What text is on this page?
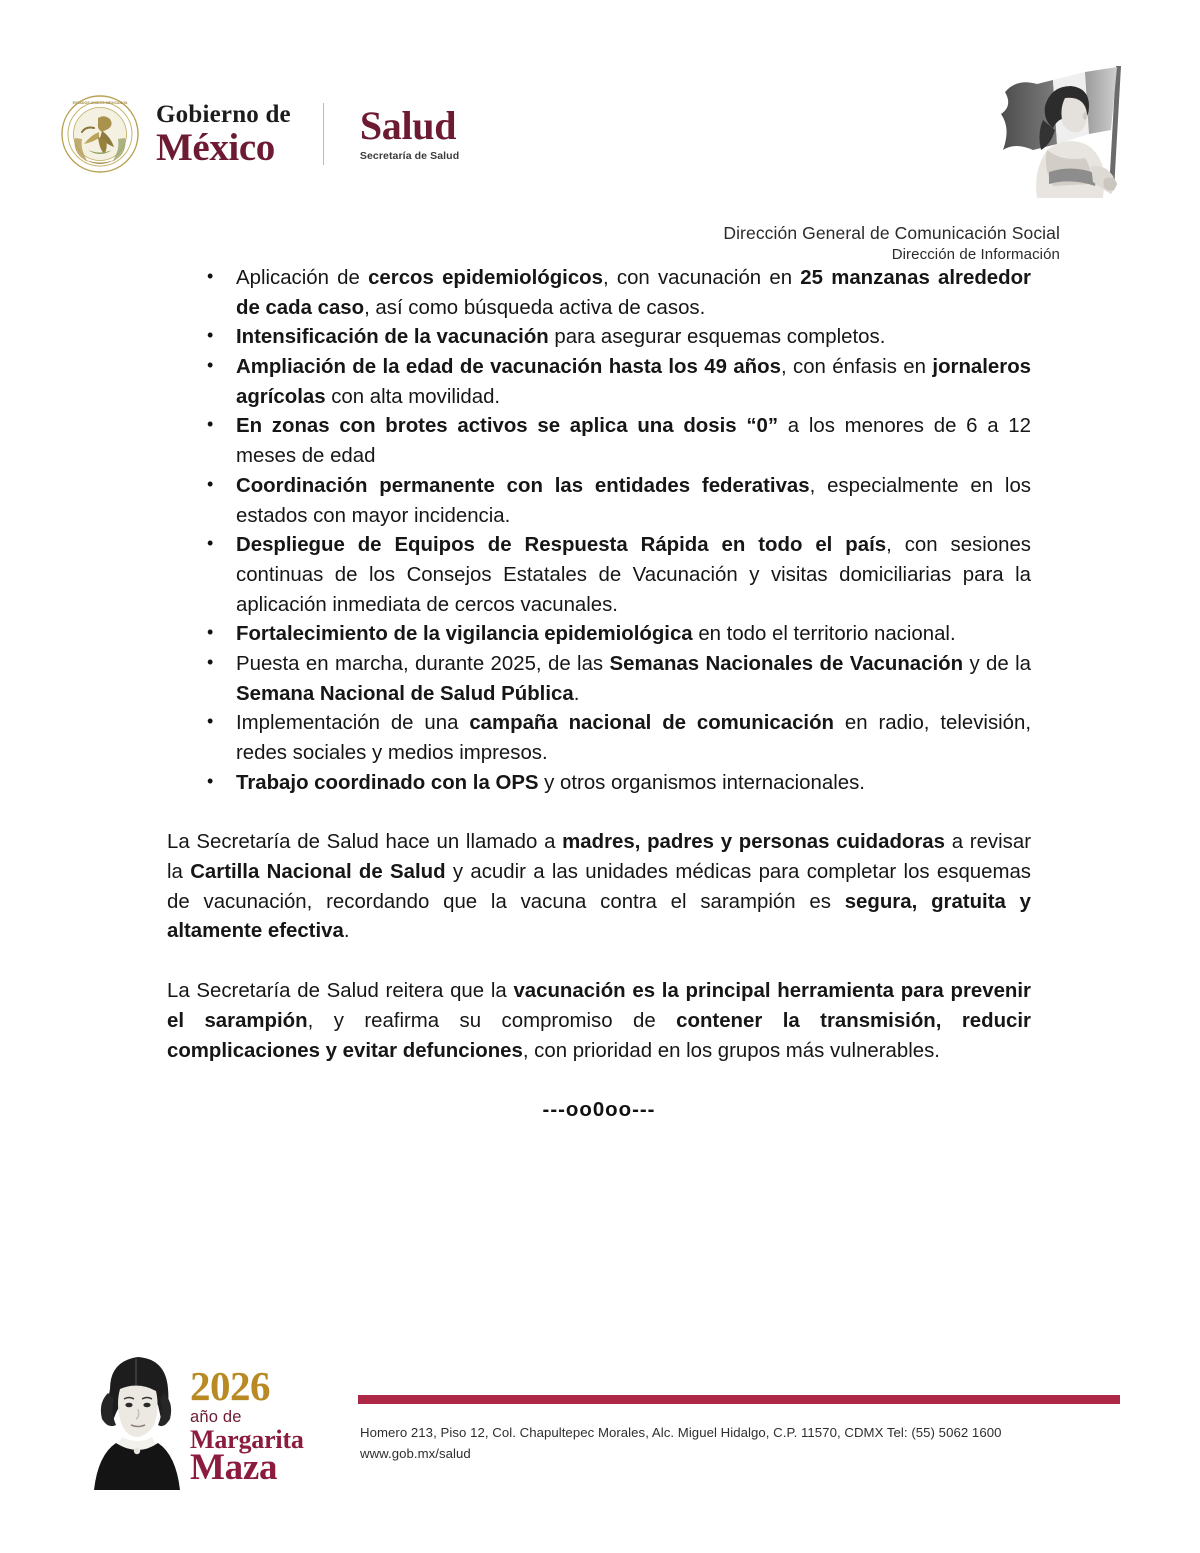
ESTADOS UNIDOS MEXICANOS Gobierno de
México	Salud
Secretaría de Salud
Dirección General de Comunicación Social
Dirección de Información
• Aplicación de cercos epidemiológicos, con vacunación en 25 manzanas alrededor de cada caso, así como búsqueda activa de casos.
• Intensificación de la vacunación para asegurar esquemas completos.
• Ampliación de la edad de vacunación hasta los 49 años, con énfasis en jornaleros agrícolas con alta movilidad.
• En zonas con brotes activos se aplica una dosis “0” a los menores de 6 a 12 meses de edad
• Coordinación permanente con las entidades federativas, especialmente en los estados con mayor incidencia.
• Despliegue de Equipos de Respuesta Rápida en todo el país, con sesiones continuas de los Consejos Estatales de Vacunación y visitas domiciliarias para la aplicación inmediata de cercos vacunales.
• Fortalecimiento de la vigilancia epidemiológica en todo el territorio nacional.
• Puesta en marcha, durante 2025, de las Semanas Nacionales de Vacunación y de la Semana Nacional de Salud Pública.
• Implementación de una campaña nacional de comunicación en radio, televisión, redes sociales y medios impresos.
• Trabajo coordinado con la OPS y otros organismos internacionales.

La Secretaría de Salud hace un llamado a madres, padres y personas cuidadoras a revisar la Cartilla Nacional de Salud y acudir a las unidades médicas para completar los esquemas de vacunación, recordando que la vacuna contra el sarampión es segura, gratuita y altamente efectiva.

La Secretaría de Salud reitera que la vacunación es la principal herramienta para prevenir el sarampión, y reafirma su compromiso de contener la transmisión, reducir complicaciones y evitar defunciones, con prioridad en los grupos más vulnerables.

---oo0oo---
2026
año de
Margarita
Maza
Homero 213, Piso 12, Col. Chapultepec Morales, Alc. Miguel Hidalgo, C.P. 11570, CDMX Tel: (55) 5062 1600
www.gob.mx/salud
